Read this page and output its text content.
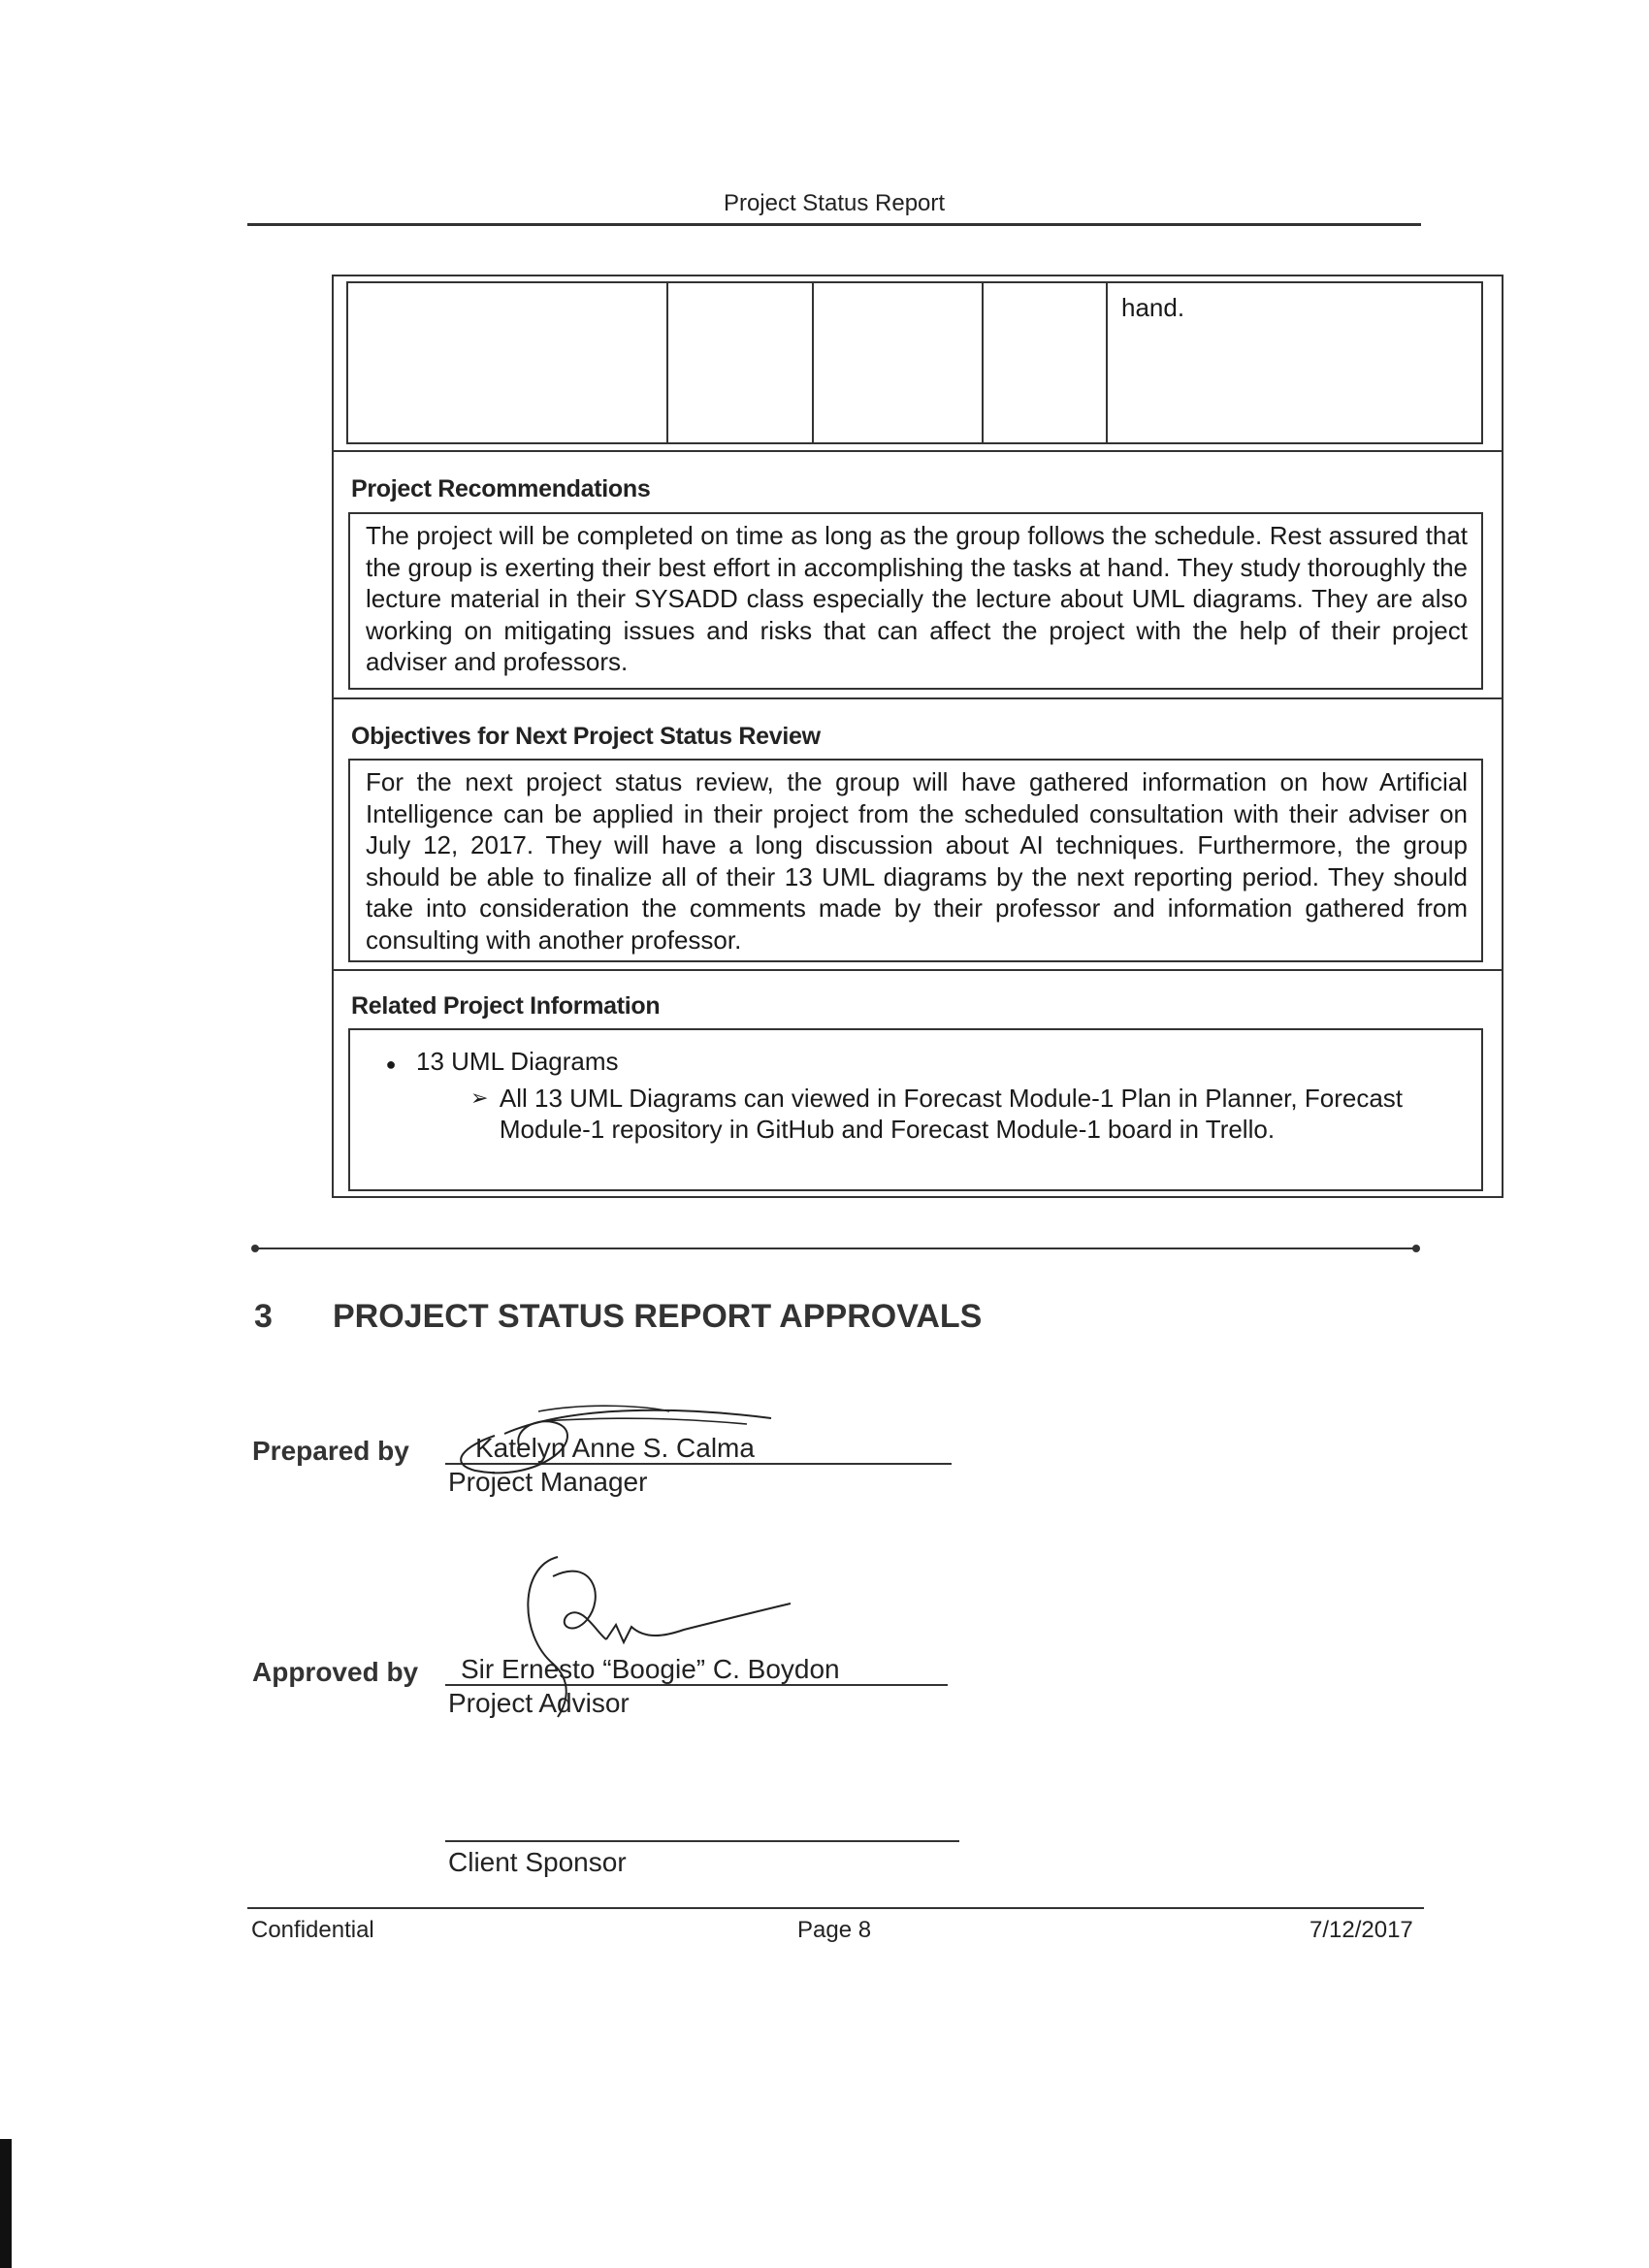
Project Status Report
hand.
Project Recommendations
The project will be completed on time as long as the group follows the schedule. Rest assured that the group is exerting their best effort in accomplishing the tasks at hand. They study thoroughly the lecture material in their SYSADD class especially the lecture about UML diagrams. They are also working on mitigating issues and risks that can affect the project with the help of their project adviser and professors.
Objectives for Next Project Status Review
For the next project status review, the group will have gathered information on how Artificial Intelligence can be applied in their project from the scheduled consultation with their adviser on July 12, 2017. They will have a long discussion about AI techniques. Furthermore, the group should be able to finalize all of their 13 UML diagrams by the next reporting period. They should take into consideration the comments made by their professor and information gathered from consulting with another professor.
Related Project Information
● 13 UML Diagrams
➢ All 13 UML Diagrams can viewed in Forecast Module-1 Plan in Planner, Forecast Module-1 repository in GitHub and Forecast Module-1 board in Trello.
3 PROJECT STATUS REPORT APPROVALS
Prepared by Katelyn Anne S. Calma
Project Manager
Approved by Sir Ernesto “Boogie” C. Boydon
Project Advisor
Client Sponsor
Confidential	Page 8	7/12/2017
